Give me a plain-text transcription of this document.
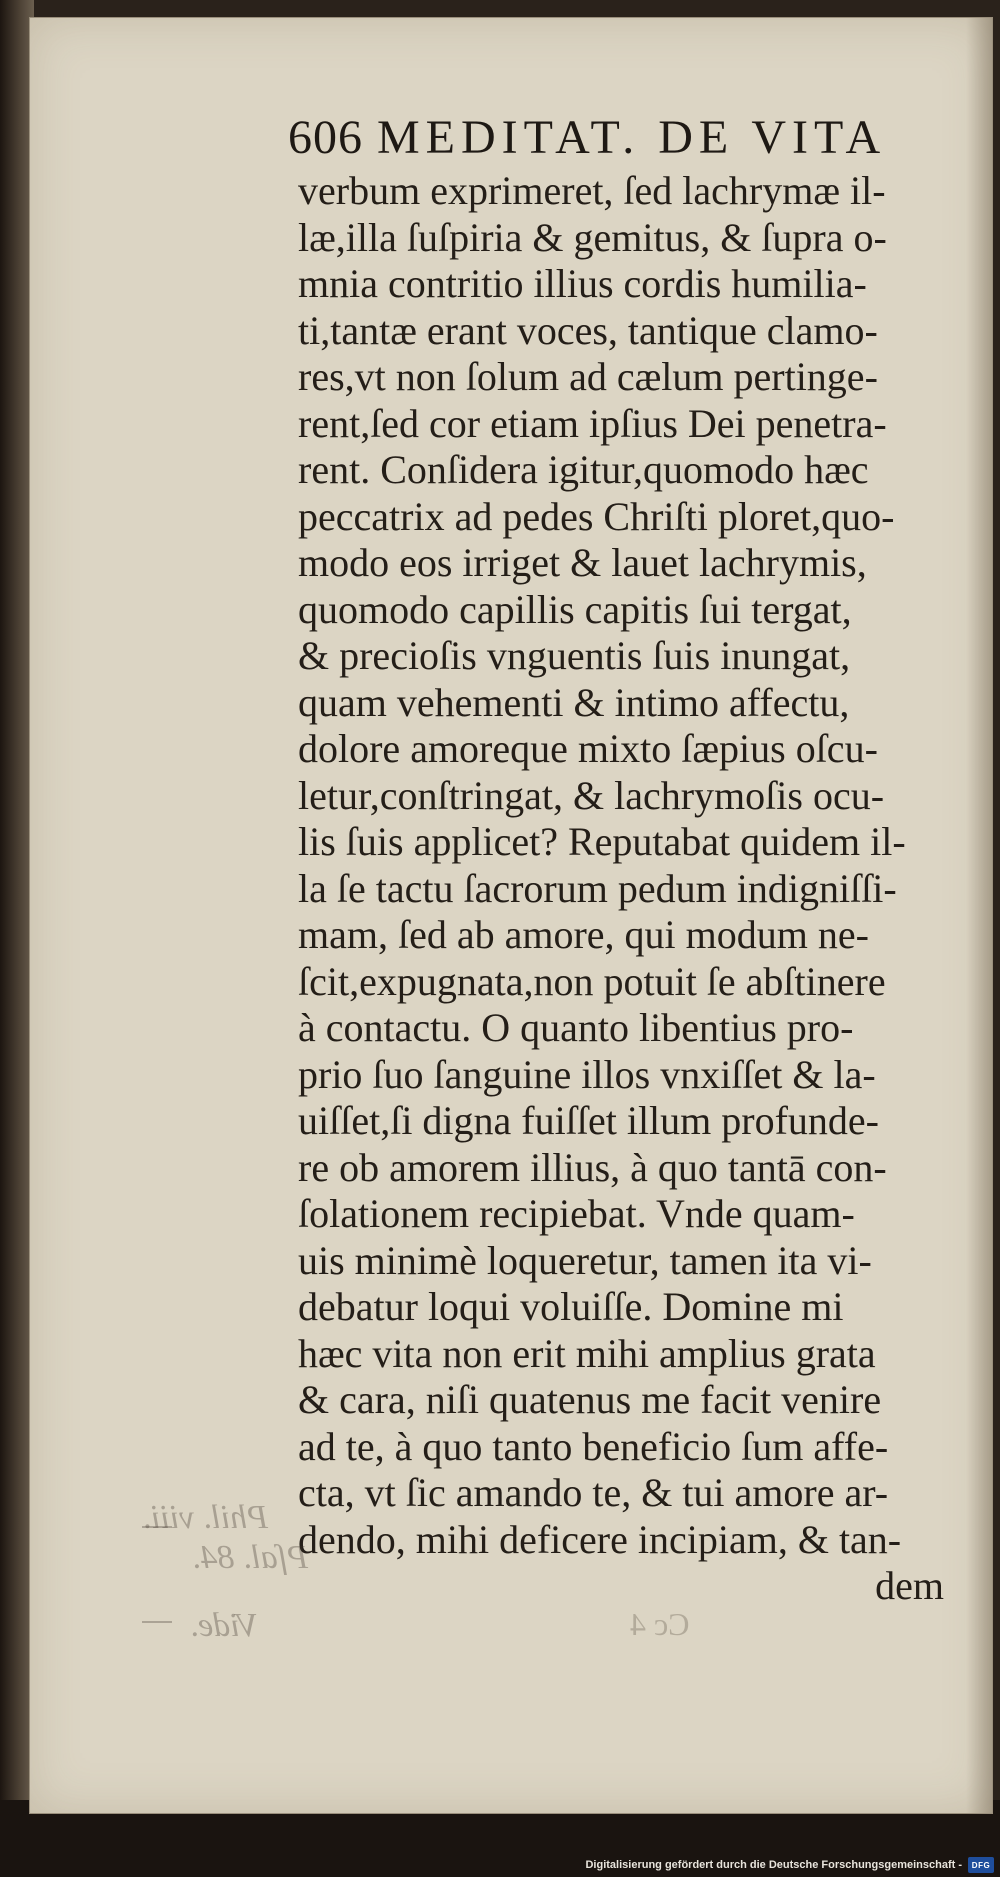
606 MEDITAT. DE VITA
verbum exprimeret, ſed lachrymæ il-
læ,illa ſuſpiria & gemitus, & ſupra o-
mnia contritio illius cordis humilia-
ti,tantæ erant voces, tantique clamo-
res,vt non ſolum ad cælum pertinge-
rent,ſed cor etiam ipſius Dei penetra-
rent. Conſidera igitur,quomodo hæc
peccatrix ad pedes Chriſti ploret,quo-
modo eos irriget & lauet lachrymis,
quomodo capillis capitis ſui tergat,
& precioſis vnguentis ſuis inungat,
quam vehementi & intimo affectu,
dolore amoreque mixto ſæpius oſcu-
letur,conſtringat, & lachrymoſis ocu-
lis ſuis applicet? Reputabat quidem il-
la ſe tactu ſacrorum pedum indigniſſi-
mam, ſed ab amore, qui modum ne-
ſcit,expugnata,non potuit ſe abſtinere
à contactu. O quanto libentius pro-
prio ſuo ſanguine illos vnxiſſet & la-
uiſſet,ſi digna fuiſſet illum profunde-
re ob amorem illius, à quo tantā con-
ſolationem recipiebat. Vnde quam-
uis minimè loqueretur, tamen ita vi-
debatur loqui voluiſſe. Domine mi
hæc vita non erit mihi amplius grata
& cara, niſi quatenus me facit venire
ad te, à quo tanto beneficio ſum affe-
cta, vt ſic amando te, & tui amore ar-
dendo, mihi deficere incipiam, & tan-
dem
Phil. viii.
Pſal. 84.
Vide.	Cc 4
Digitalisierung gefördert durch die Deutsche Forschungsgemeinschaft - DFG
